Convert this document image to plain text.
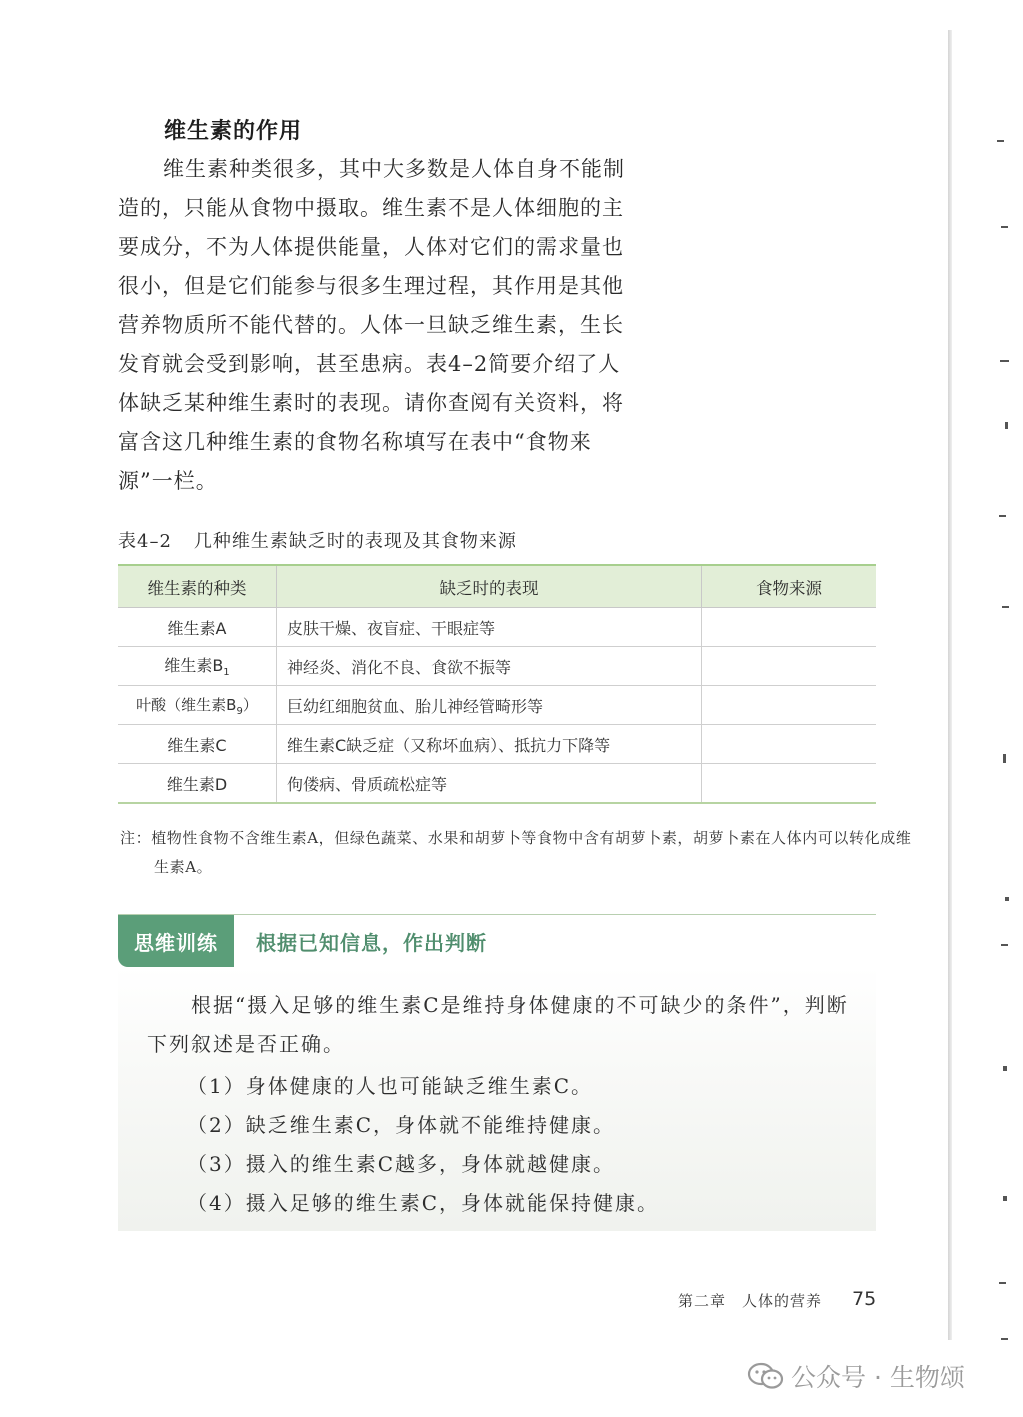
维生素的作用

维生素种类很多，其中大多数是人体自身不能制造的，只能从食物中摄取。维生素不是人体细胞的主要成分，不为人体提供能量，人体对它们的需求量也很小，但是它们能参与很多生理过程，其作用是其他营养物质所不能代替的。人体一旦缺乏维生素，生长发育就会受到影响，甚至患病。表4–2简要介绍了人体缺乏某种维生素时的表现。请你查阅有关资料，将富含这几种维生素的食物名称填写在表中“食物来源”一栏。

表4–2 几种维生素缺乏时的表现及其食物来源
维生素的种类	缺乏时的表现	食物来源
维生素A	皮肤干燥、夜盲症、干眼症等	
维生素$B_1$	神经炎、消化不良、食欲不振等	
叶酸（维生素$B_9$）	巨幼红细胞贫血、胎儿神经管畸形等	
维生素C	维生素C缺乏症（又称坏血病）、抵抗力下降等	
维生素D	佝偻病、骨质疏松症等	

注：植物性食物不含维生素A，但绿色蔬菜、水果和胡萝卜等食物中含有胡萝卜素，胡萝卜素在人体内可以转化成维生素A。

思维训练	根据已知信息，作出判断

根据“摄入足够的维生素C是维持身体健康的不可缺少的条件”，判断下列叙述是否正确。

（1）身体健康的人也可能缺乏维生素C。
（2）缺乏维生素C，身体就不能维持健康。
（3）摄入的维生素C越多，身体就越健康。
（4）摄入足够的维生素C，身体就能保持健康。
第二章 人体的营养 75
公众号 · 生物颂
